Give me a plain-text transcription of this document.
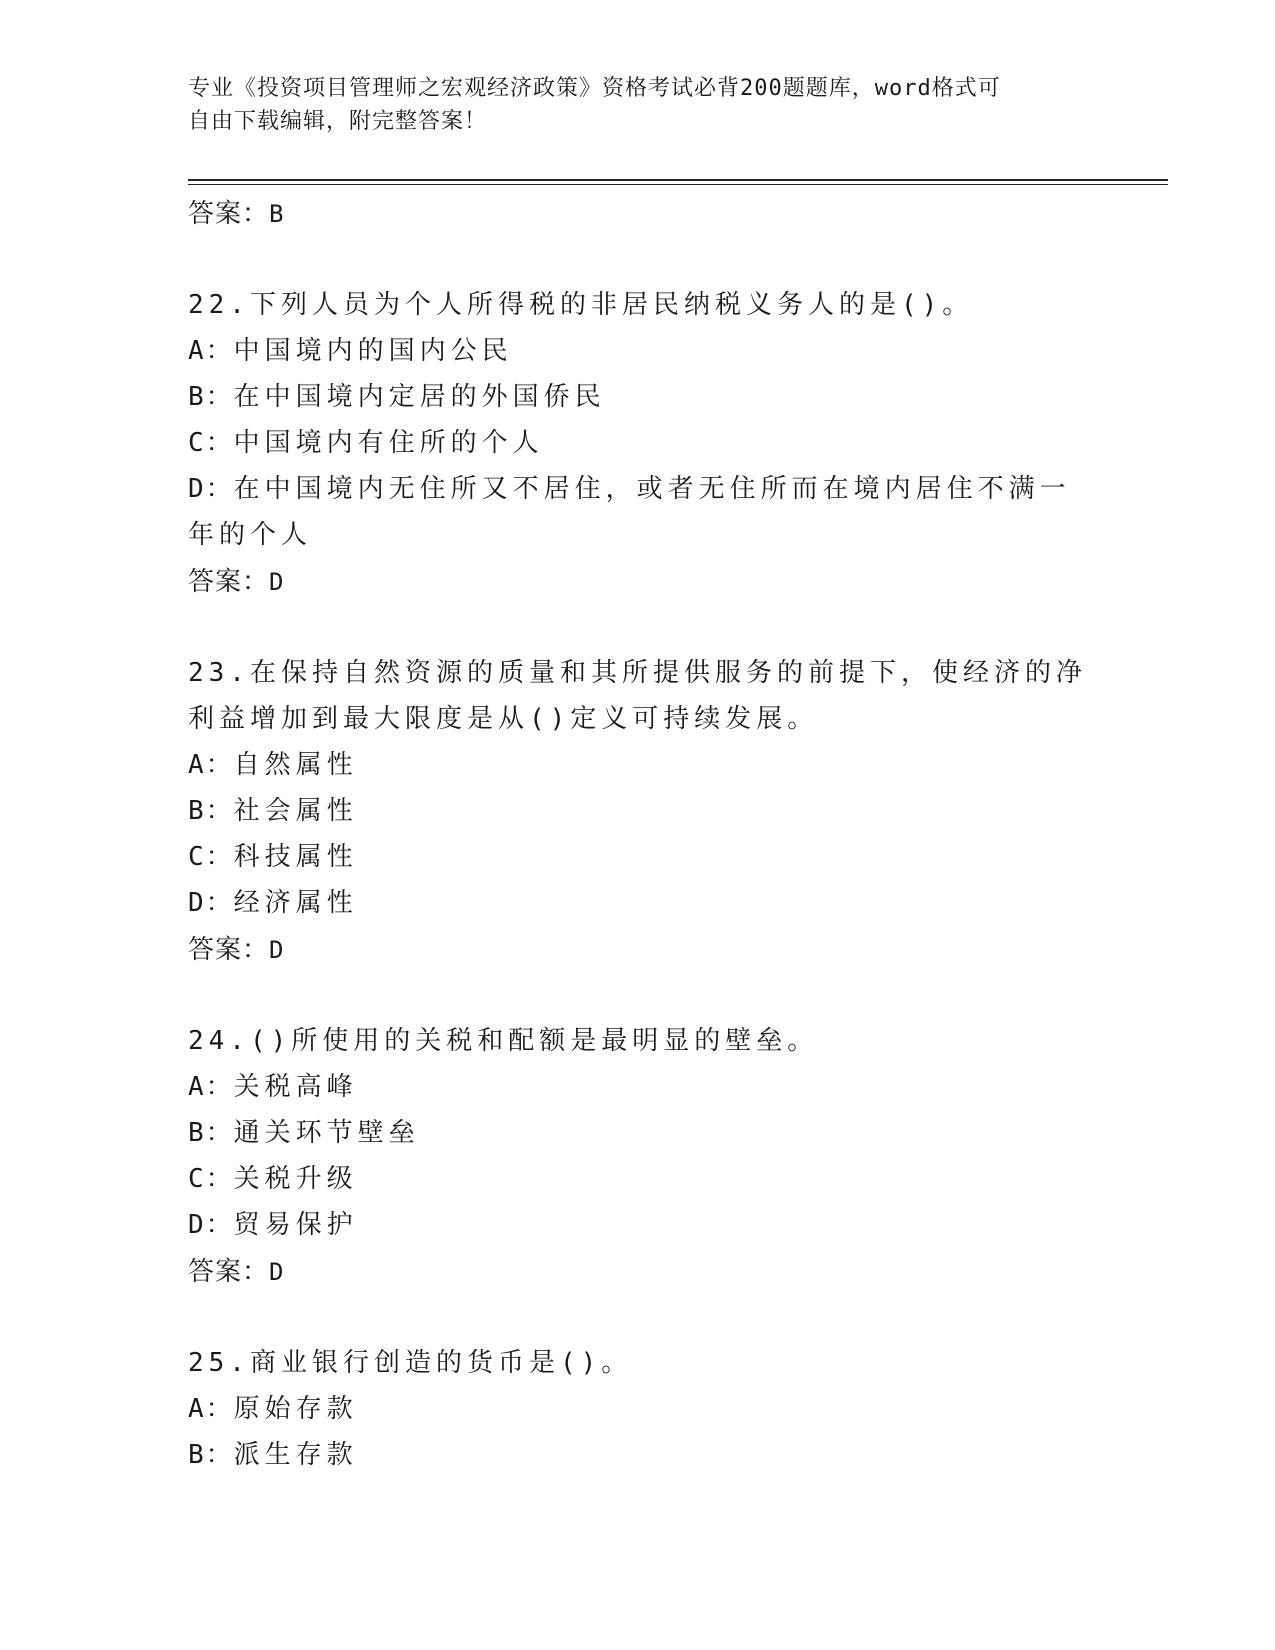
专业《投资项目管理师之宏观经济政策》资格考试必背200题题库，word格式可
自由下载编辑，附完整答案！
答案：B
22.下列人员为个人所得税的非居民纳税义务人的是()。
A：中国境内的国内公民
B：在中国境内定居的外国侨民
C：中国境内有住所的个人
D：在中国境内无住所又不居住，或者无住所而在境内居住不满一年的个人
答案：D
23.在保持自然资源的质量和其所提供服务的前提下，使经济的净利益增加到最大限度是从()定义可持续发展。
A：自然属性
B：社会属性
C：科技属性
D：经济属性
答案：D
24.()所使用的关税和配额是最明显的壁垒。
A：关税高峰
B：通关环节壁垒
C：关税升级
D：贸易保护
答案：D
25.商业银行创造的货币是()。
A：原始存款
B：派生存款
